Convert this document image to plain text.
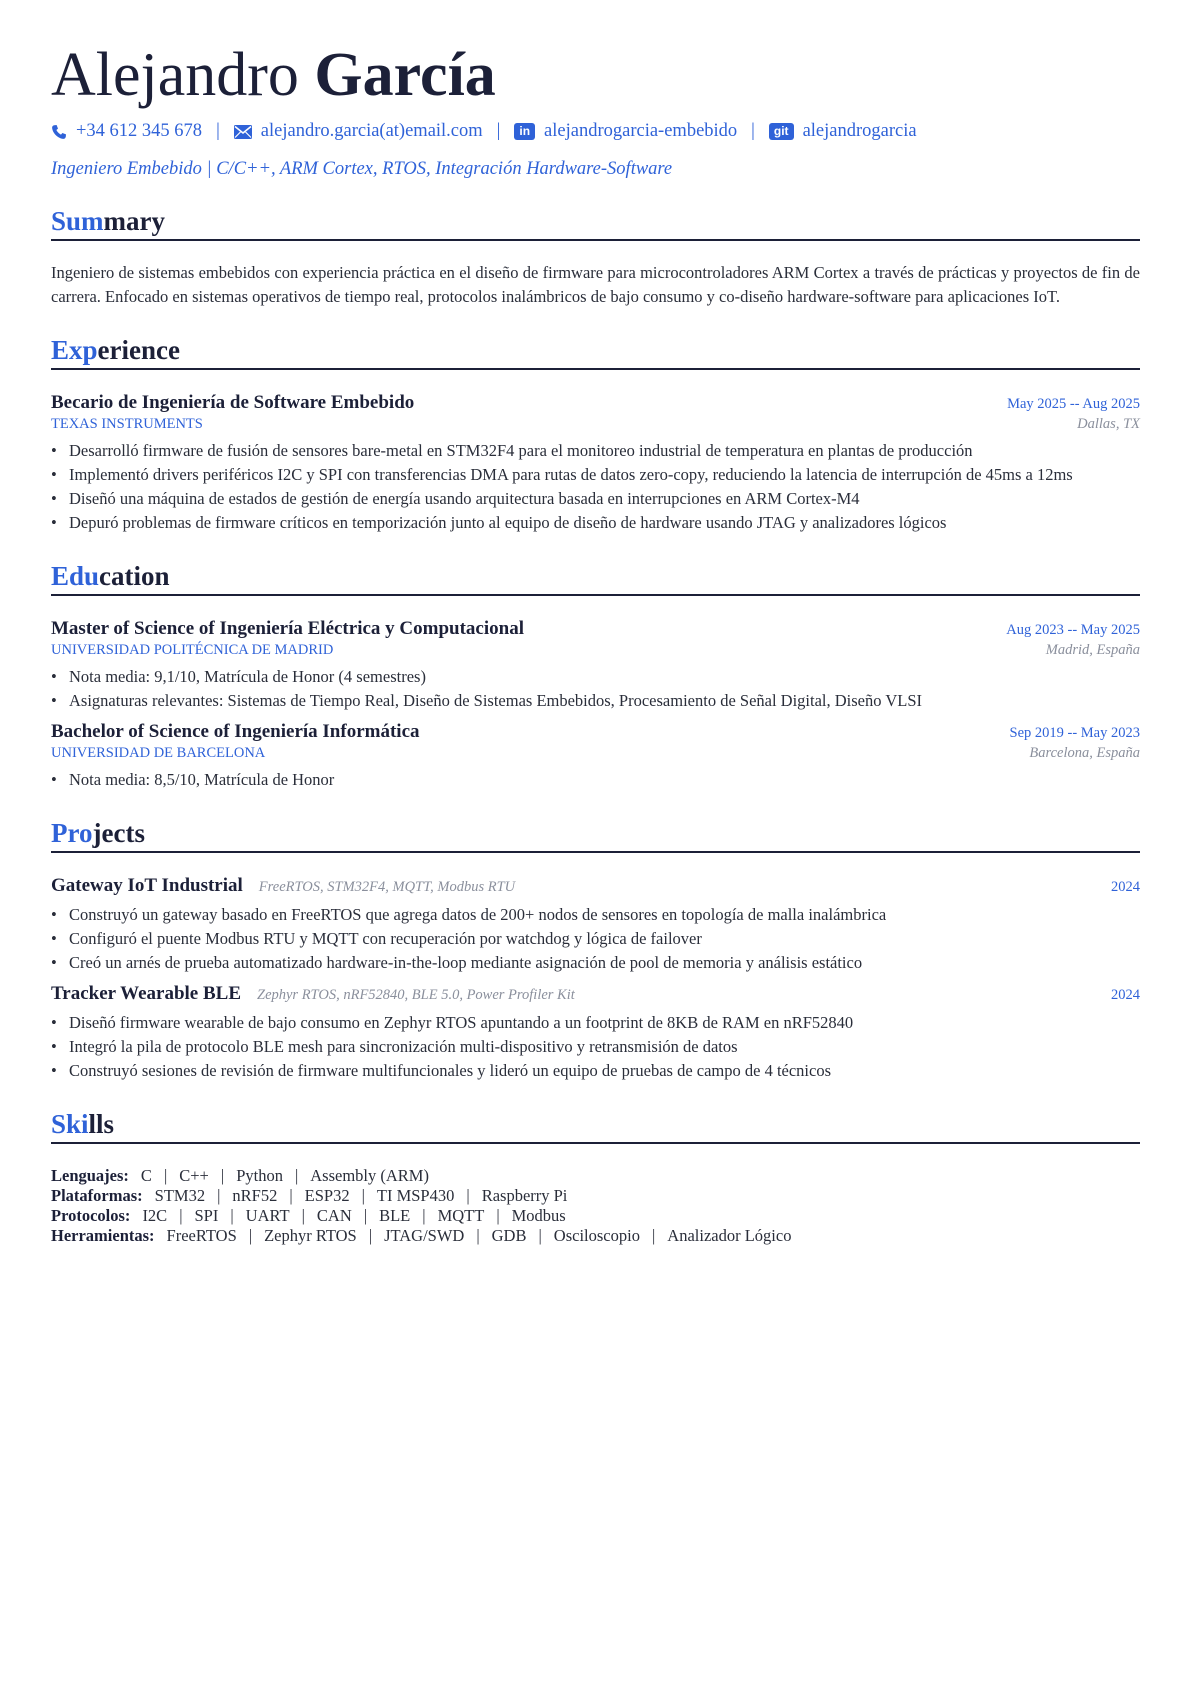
Alejandro García
+34 612 345 678 | alejandro.garcia(at)email.com |	in alejandrogarcia-embebido |	git alejandrogarcia
Ingeniero Embebido | C/C++, ARM Cortex, RTOS, Integración Hardware-Software
Summary
Ingeniero de sistemas embebidos con experiencia práctica en el diseño de firmware para microcontroladores ARM Cortex a través de prácticas y proyectos de fin de carrera. Enfocado en sistemas operativos de tiempo real, protocolos inalámbricos de bajo consumo y co-diseño hardware-software para aplicaciones IoT.
Experience
Becario de Ingeniería de Software Embebido	May 2025 -- Aug 2025
TEXAS INSTRUMENTS	Dallas, TX
• Desarrolló firmware de fusión de sensores bare-metal en STM32F4 para el monitoreo industrial de temperatura en plantas de producción
• Implementó drivers periféricos I2C y SPI con transferencias DMA para rutas de datos zero-copy, reduciendo la latencia de interrupción de 45ms a 12ms
• Diseñó una máquina de estados de gestión de energía usando arquitectura basada en interrupciones en ARM Cortex-M4
• Depuró problemas de firmware críticos en temporización junto al equipo de diseño de hardware usando JTAG y analizadores lógicos
Education
Master of Science of Ingeniería Eléctrica y Computacional	Aug 2023 -- May 2025
UNIVERSIDAD POLITÉCNICA DE MADRID	Madrid, España
• Nota media: 9,1/10, Matrícula de Honor (4 semestres)
• Asignaturas relevantes: Sistemas de Tiempo Real, Diseño de Sistemas Embebidos, Procesamiento de Señal Digital, Diseño VLSI
Bachelor of Science of Ingeniería Informática	Sep 2019 -- May 2023
UNIVERSIDAD DE BARCELONA	Barcelona, España
• Nota media: 8,5/10, Matrícula de Honor
Projects
Gateway IoT Industrial FreeRTOS, STM32F4, MQTT, Modbus RTU	2024
• Construyó un gateway basado en FreeRTOS que agrega datos de 200+ nodos de sensores en topología de malla inalámbrica
• Configuró el puente Modbus RTU y MQTT con recuperación por watchdog y lógica de failover
• Creó un arnés de prueba automatizado hardware-in-the-loop mediante asignación de pool de memoria y análisis estático
Tracker Wearable BLE Zephyr RTOS, nRF52840, BLE 5.0, Power Profiler Kit	2024
• Diseñó firmware wearable de bajo consumo en Zephyr RTOS apuntando a un footprint de 8KB de RAM en nRF52840
• Integró la pila de protocolo BLE mesh para sincronización multi-dispositivo y retransmisión de datos
• Construyó sesiones de revisión de firmware multifuncionales y lideró un equipo de pruebas de campo de 4 técnicos
Skills
Lenguajes: C | C++ | Python | Assembly (ARM)
Plataformas: STM32 | nRF52 | ESP32 | TI MSP430 | Raspberry Pi
Protocolos: I2C | SPI | UART | CAN | BLE | MQTT | Modbus
Herramientas: FreeRTOS | Zephyr RTOS | JTAG/SWD | GDB | Osciloscopio | Analizador Lógico
